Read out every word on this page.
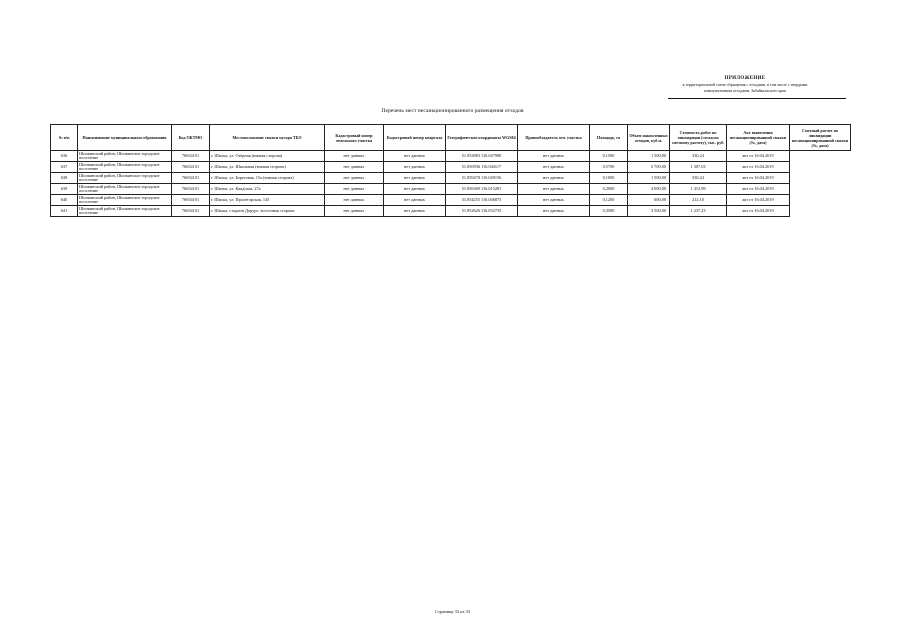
ПРИЛОЖЕНИЕ
к территориальной схеме обращения с отходами, в том числе с твердыми
коммунальными отходами, Забайкальского края
Перечень мест несанкционированного размещения отходов
№ п/п	Наименование муниципального образования	Код ОКТМО	Местоположение свалки мусора ТБО	Кадастровый номер земельного участка	Кадастровый номер квартала	Географические координаты WGS84	Правообладатель зем. участка	Площадь, га	Объем накопленных отходов, куб.м.	Стоимость работ по ликвидации (согласно сметному расчету), тыс. руб.	Акт выявления несанкционированной свалки (№, дата)	Сметный расчет по ликвидации несанкционированной свалки (№, дата)
636	Шилкинский район, Шилкинское городское поселение	76654101	г. Шилка, ул. Озёрная (южная сторона)	нет данных	нет данных	51.833883 116.047980	нет данных	0,1500	1 500,00	330,24	акт от 16.04.2019	
637	Шилкинский район, Шилкинское городское поселение	76654101	г. Шилка, ул. Школьная (южная сторона)	нет данных	нет данных	51.830936 116.044117	нет данных	0,5700	5 700,00	1 307,03	акт от 16.04.2019	
638	Шилкинский район, Шилкинское городское поселение	76654101	г. Шилка, ул. Береговая, 15а (южная сторона)	нет данных	нет данных	51.859478 116.049156	нет данных	0,1000	1 500,00	330,24	акт от 16.04.2019	
639	Шилкинский район, Шилкинское городское поселение	76654101	г. Шилка, ул. Каядская, 27а	нет данных	нет данных	51.856369 116.015281	нет данных	0,2000	4 000,00	1 413,98	акт от 16.04.2019	
640	Шилкинский район, Шилкинское городское поселение	76654101	г. Шилка, ул. Пролетарская, 145	нет данных	нет данных	51.854255 116.046875	нет данных	0,1200	600,00	212,10	акт от 16.04.2019	
641	Шилкинский район, Шилкинское городское поселение	76654101	г. Шилка, стадион Дорурс, восточная сторона	нет данных	нет данных	51.852626 116.032735	нет данных	0,3500	3 500,00	1 237,23	акт от 16.04.2019	
Страница 33 из 33
